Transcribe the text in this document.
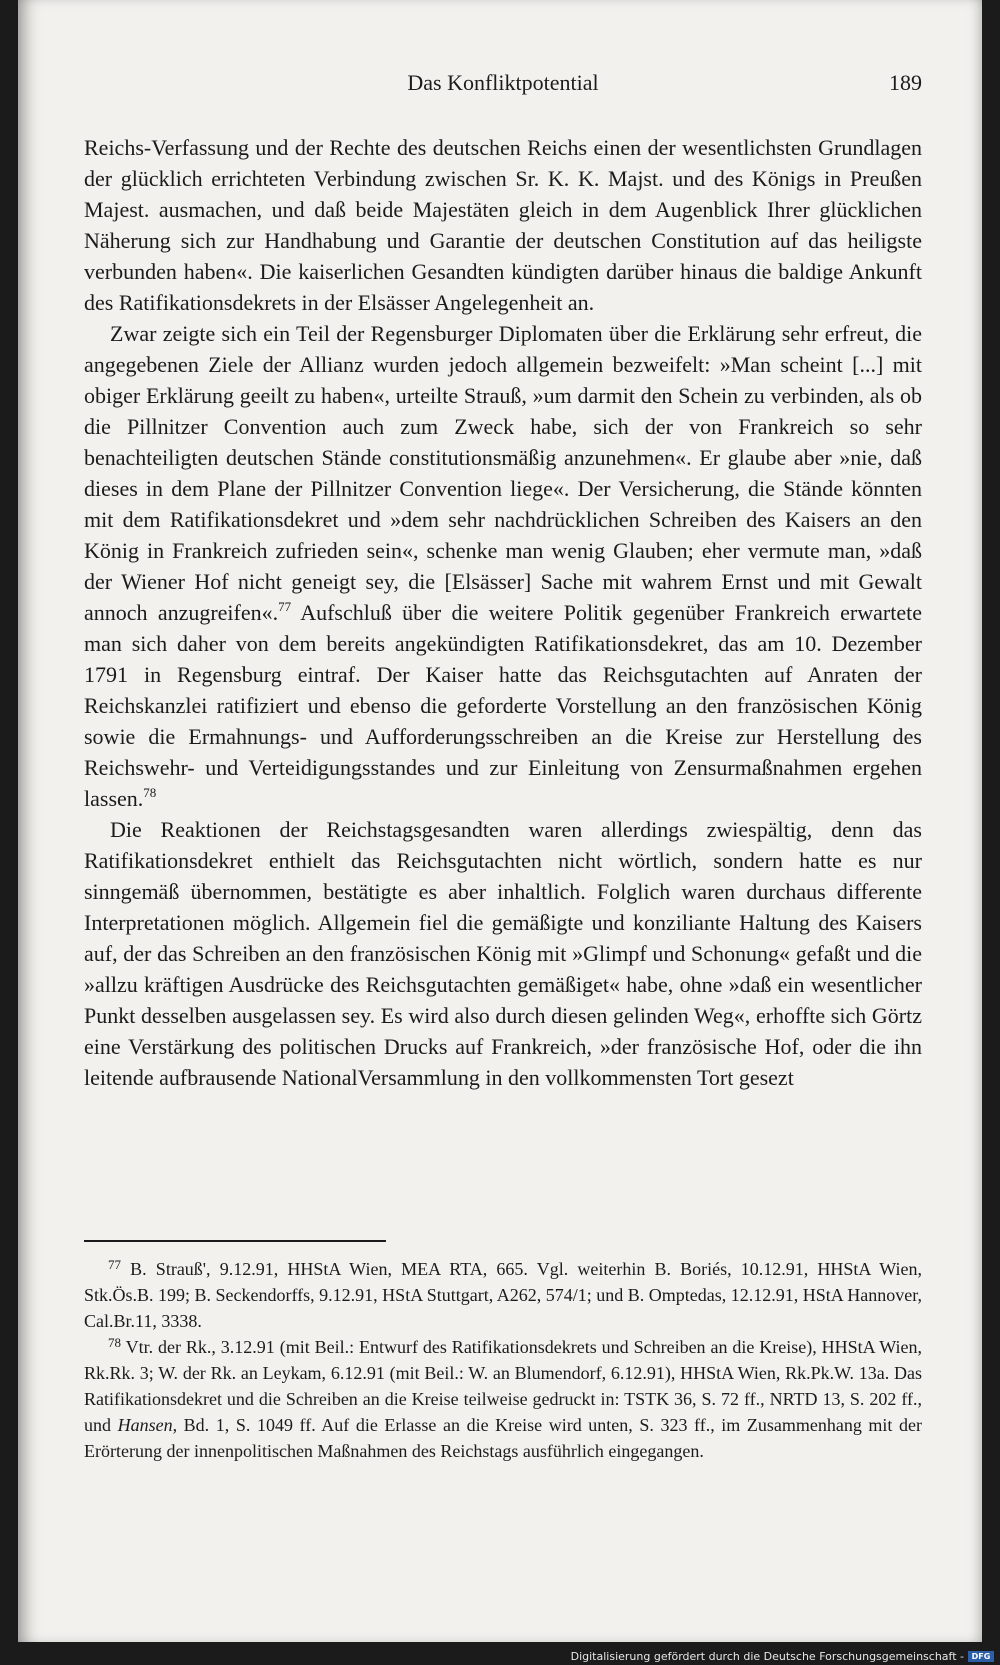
Das Konfliktpotential	189

Reichs-Verfassung und der Rechte des deutschen Reichs einen der wesentlichsten Grundlagen der glücklich errichteten Verbindung zwischen Sr. K. K. Majst. und des Königs in Preußen Majest. ausmachen, und daß beide Majestäten gleich in dem Augenblick Ihrer glücklichen Näherung sich zur Handhabung und Garantie der deutschen Constitution auf das heiligste verbunden haben«. Die kaiserlichen Gesandten kündigten darüber hinaus die baldige Ankunft des Ratifikationsdekrets in der Elsässer Angelegenheit an.

Zwar zeigte sich ein Teil der Regensburger Diplomaten über die Erklärung sehr erfreut, die angegebenen Ziele der Allianz wurden jedoch allgemein bezweifelt: »Man scheint [...] mit obiger Erklärung geeilt zu haben«, urteilte Strauß, »um darmit den Schein zu verbinden, als ob die Pillnitzer Convention auch zum Zweck habe, sich der von Frankreich so sehr benachteiligten deutschen Stände constitutionsmäßig anzunehmen«. Er glaube aber »nie, daß dieses in dem Plane der Pillnitzer Convention liege«. Der Versicherung, die Stände könnten mit dem Ratifikationsdekret und »dem sehr nachdrücklichen Schreiben des Kaisers an den König in Frankreich zufrieden sein«, schenke man wenig Glauben; eher vermute man, »daß der Wiener Hof nicht geneigt sey, die [Elsässer] Sache mit wahrem Ernst und mit Gewalt annoch anzugreifen«.$^{77}$ Aufschluß über die weitere Politik gegenüber Frankreich erwartete man sich daher von dem bereits angekündigten Ratifikationsdekret, das am 10. Dezember 1791 in Regensburg eintraf. Der Kaiser hatte das Reichsgutachten auf Anraten der Reichskanzlei ratifiziert und ebenso die geforderte Vorstellung an den französischen König sowie die Ermahnungs- und Aufforderungsschreiben an die Kreise zur Herstellung des Reichswehr- und Verteidigungsstandes und zur Einleitung von Zensurmaßnahmen ergehen lassen.$^{78}$

Die Reaktionen der Reichstagsgesandten waren allerdings zwiespältig, denn das Ratifikationsdekret enthielt das Reichsgutachten nicht wörtlich, sondern hatte es nur sinngemäß übernommen, bestätigte es aber inhaltlich. Folglich waren durchaus differente Interpretationen möglich. Allgemein fiel die gemäßigte und konziliante Haltung des Kaisers auf, der das Schreiben an den französischen König mit »Glimpf und Schonung« gefaßt und die »allzu kräftigen Ausdrücke des Reichsgutachten gemäßiget« habe, ohne »daß ein wesentlicher Punkt desselben ausgelassen sey. Es wird also durch diesen gelinden Weg«, erhoffte sich Görtz eine Verstärkung des politischen Drucks auf Frankreich, »der französische Hof, oder die ihn leitende aufbrausende NationalVersammlung in den vollkommensten Tort gesezt

$^{77}$ B. Strauß', 9.12.91, HHStA Wien, MEA RTA, 665. Vgl. weiterhin B. Boriés, 10.12.91, HHStA Wien, Stk.Ös.B. 199; B. Seckendorffs, 9.12.91, HStA Stuttgart, A262, 574/1; und B. Omptedas, 12.12.91, HStA Hannover, Cal.Br.11, 3338.

$^{78}$ Vtr. der Rk., 3.12.91 (mit Beil.: Entwurf des Ratifikationsdekrets und Schreiben an die Kreise), HHStA Wien, Rk.Rk. 3; W. der Rk. an Leykam, 6.12.91 (mit Beil.: W. an Blumendorf, 6.12.91), HHStA Wien, Rk.Pk.W. 13a. Das Ratifikationsdekret und die Schreiben an die Kreise teilweise gedruckt in: TSTK 36, S. 72 ff., NRTD 13, S. 202 ff., und Hansen, Bd. 1, S. 1049 ff. Auf die Erlasse an die Kreise wird unten, S. 323 ff., im Zusammenhang mit der Erörterung der innenpolitischen Maßnahmen des Reichstags ausführlich eingegangen.

Digitalisierung gefördert durch die Deutsche Forschungsgemeinschaft - DFG
